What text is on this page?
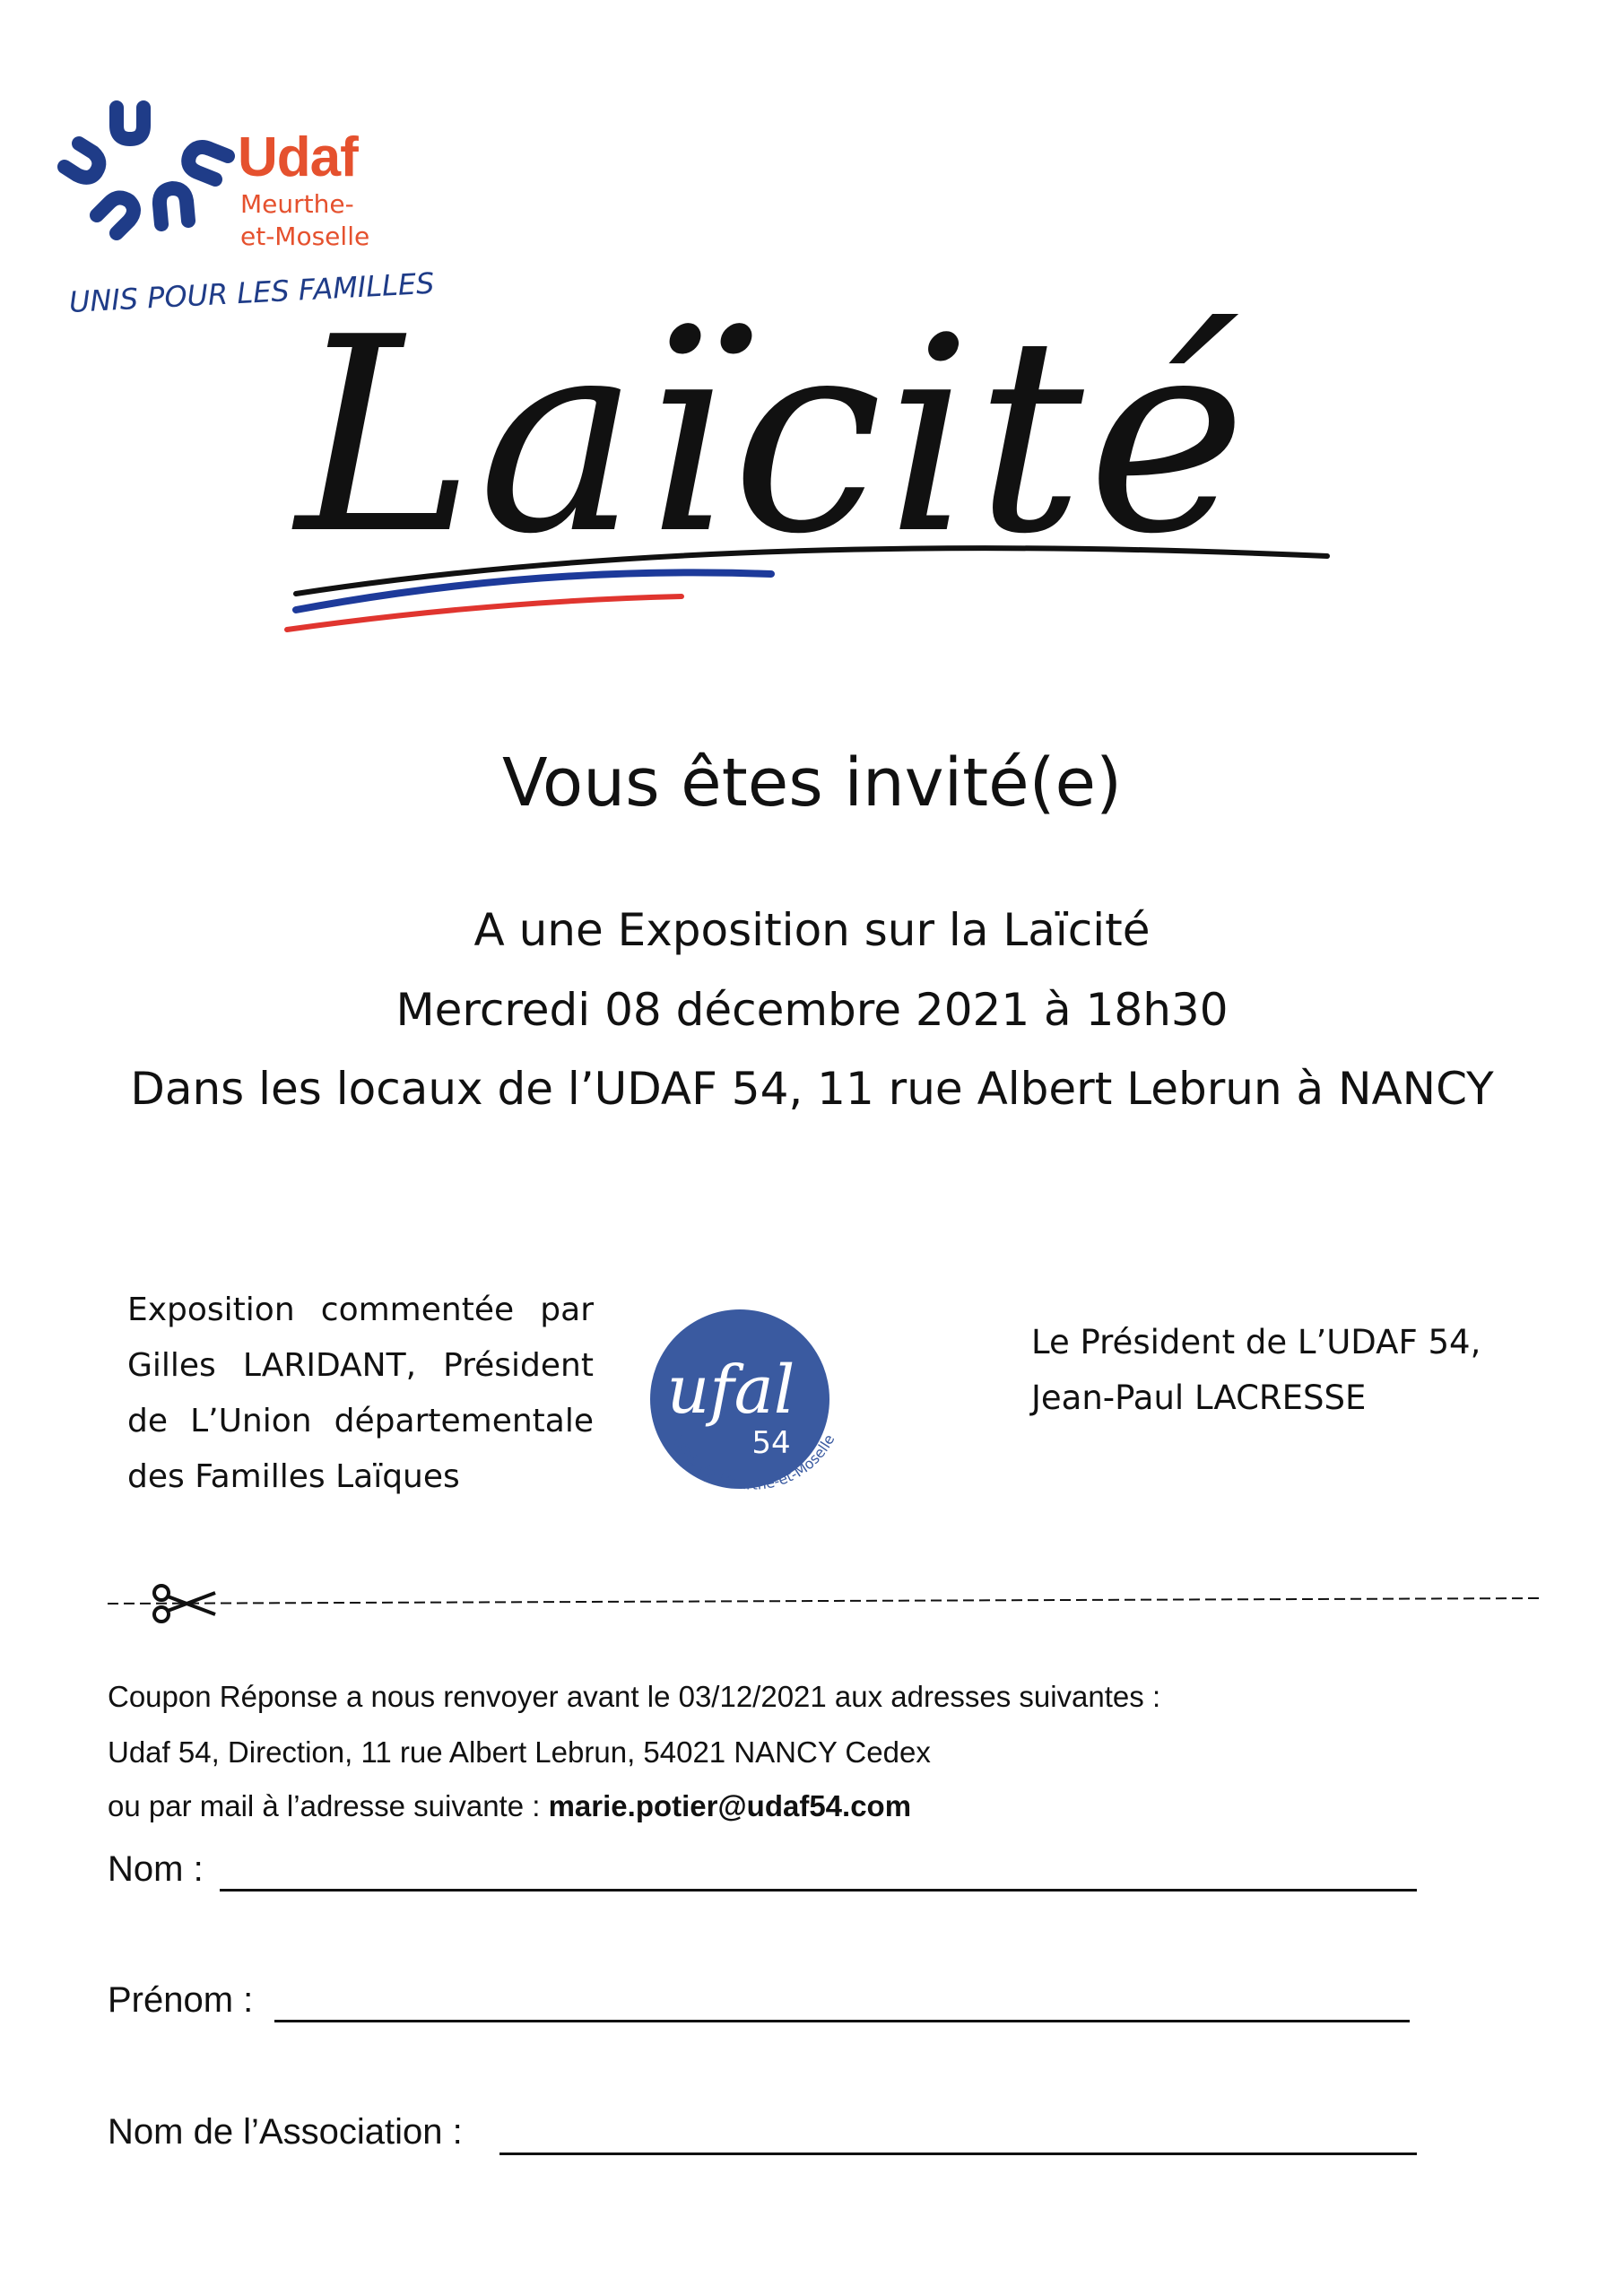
Udaf
Meurthe-
et-Moselle
UNIS POUR LES FAMILLES
Laïcité
Vous êtes invité(e)
A une Exposition sur la Laïcité
Mercredi 08 décembre 2021 à 18h30
Dans les locaux de l’UDAF 54, 11 rue Albert Lebrun à NANCY
Exposition commentée par Gilles LARIDANT, Président de L’Union départementale des Familles Laïques
ufal
54
UFAL de Meurthe-et-Moselle
Le Président de L’UDAF 54,
Jean-Paul LACRESSE
Coupon Réponse a nous renvoyer avant le 03/12/2021 aux adresses suivantes :
Udaf 54, Direction, 11 rue Albert Lebrun, 54021 NANCY Cedex
ou par mail à l’adresse suivante : marie.potier@udaf54.com
Nom :
Prénom :
Nom de l’Association :
